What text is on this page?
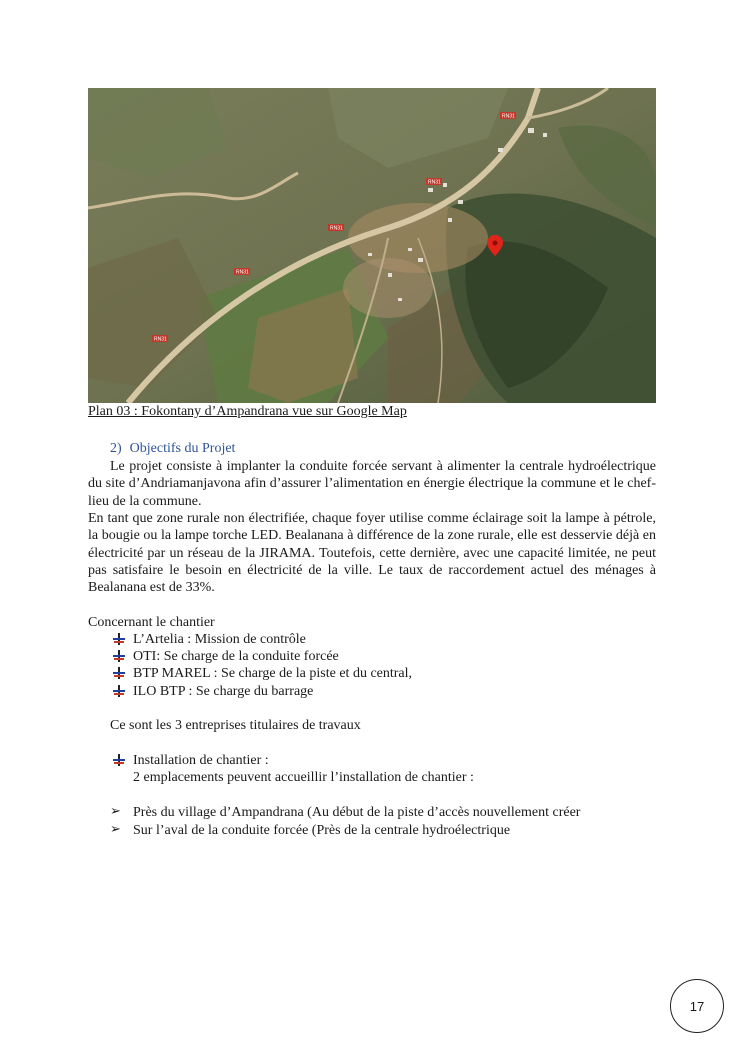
RN31
RN31
RN31
RN31
RN31
Plan 03 : Fokontany d’Ampandrana vue sur Google Map
2) Objectifs du Projet
Le projet consiste à implanter la conduite forcée servant à alimenter la centrale hydroélectrique du site d’Andriamanjavona afin d’assurer l’alimentation en énergie électrique la commune et le chef-lieu de la commune.
En tant que zone rurale non électrifiée, chaque foyer utilise comme éclairage soit la lampe à pétrole, la bougie ou la lampe torche LED. Bealanana à différence de la zone rurale, elle est desservie déjà en électricité par un réseau de la JIRAMA. Toutefois, cette dernière, avec une capacité limitée, ne peut pas satisfaire le besoin en électricité de la ville. Le taux de raccordement actuel des ménages à Bealanana est de 33%.
Concernant le chantier
L’Artelia : Mission de contrôle
OTI: Se charge de la conduite forcée
BTP MAREL : Se charge de la piste et du central,
ILO BTP : Se charge du barrage
Ce sont les 3 entreprises titulaires de travaux
Installation de chantier :
2 emplacements peuvent accueillir l’installation de chantier :
➢ Près du village d’Ampandrana (Au début de la piste d’accès nouvellement créer
➢ Sur l’aval de la conduite forcée (Près de la centrale hydroélectrique
17
